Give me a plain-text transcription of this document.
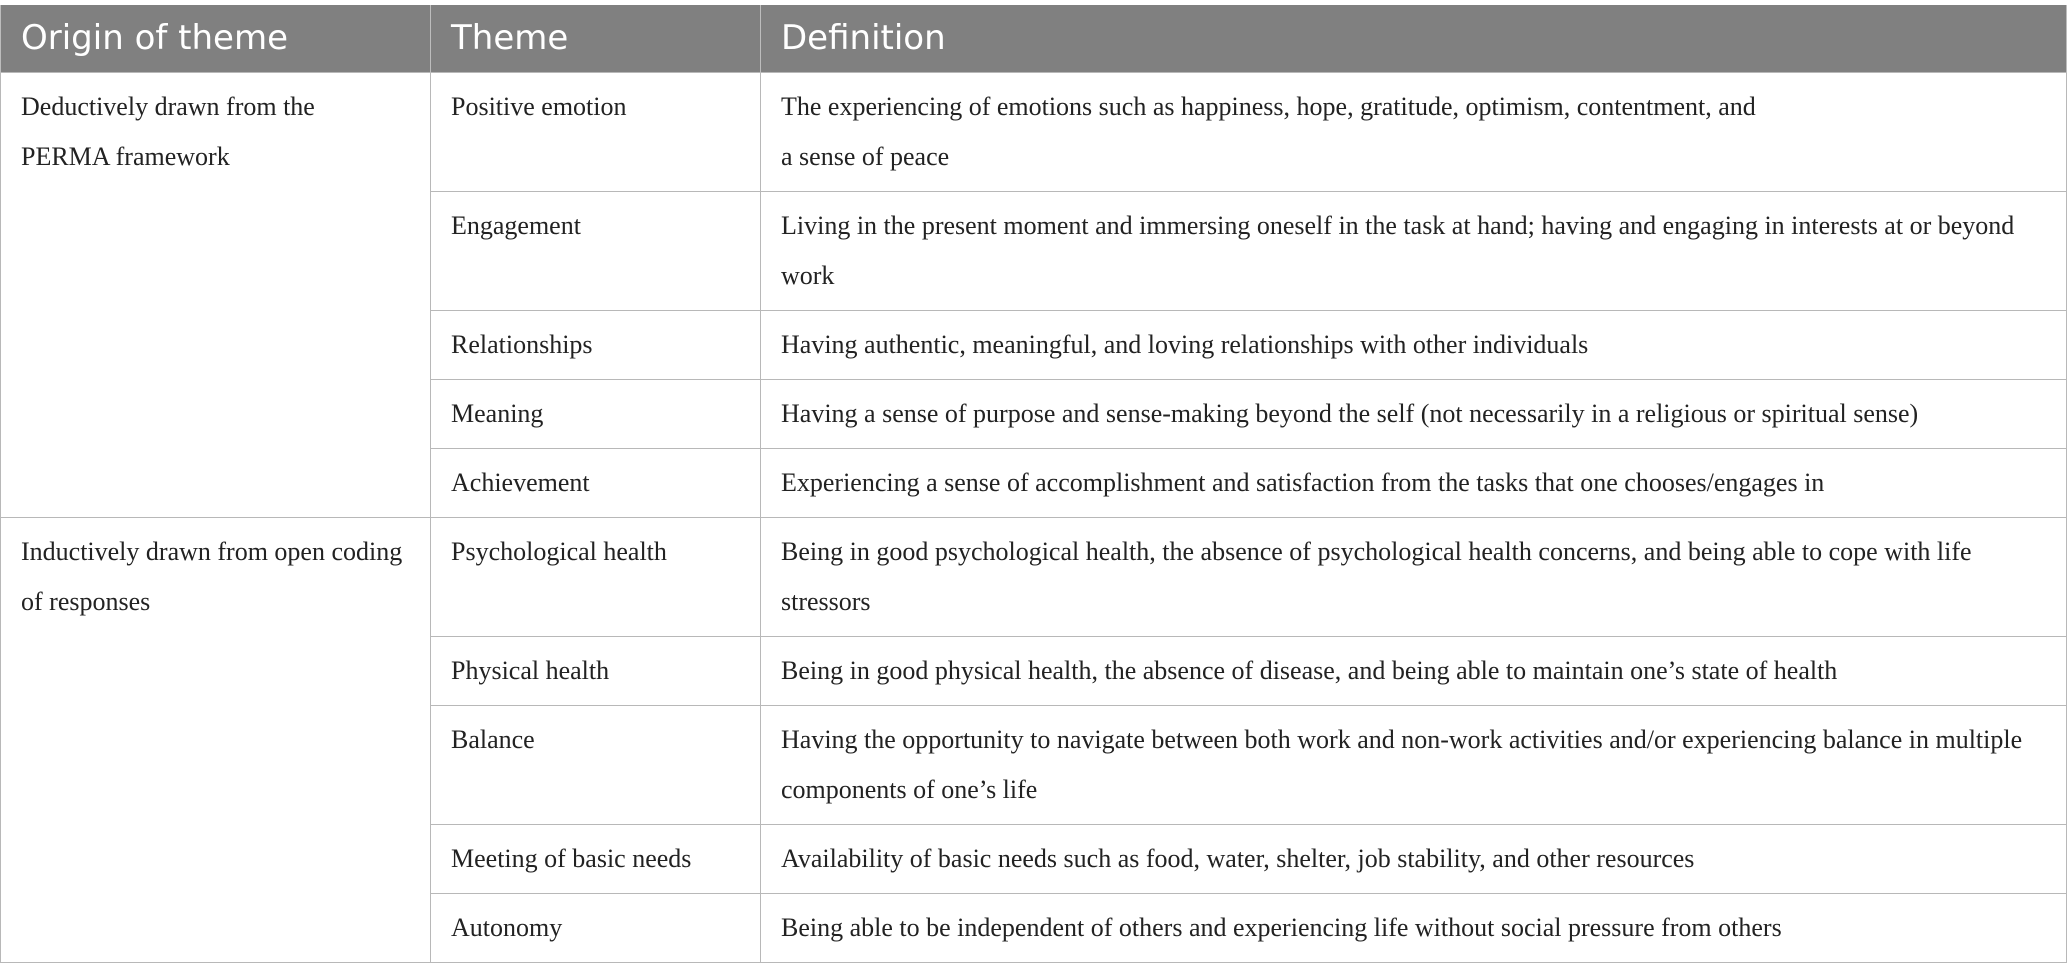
Origin of theme	Theme	Definition
Deductively drawn from the PERMA framework	Positive emotion	The experiencing of emotions such as happiness, hope, gratitude, optimism, contentment, and
a sense of peace
	Engagement	Living in the present moment and immersing oneself in the task at hand; having and engaging in interests at or beyond work
	Relationships	Having authentic, meaningful, and loving relationships with other individuals
	Meaning	Having a sense of purpose and sense-making beyond the self (not necessarily in a religious or spiritual sense)
	Achievement	Experiencing a sense of accomplishment and satisfaction from the tasks that one chooses/engages in
Inductively drawn from open coding of responses	Psychological health	Being in good psychological health, the absence of psychological health concerns, and being able to cope with life stressors
	Physical health	Being in good physical health, the absence of disease, and being able to maintain one’s state of health
	Balance	Having the opportunity to navigate between both work and non-work activities and/or experiencing balance in multiple components of one’s life
	Meeting of basic needs	Availability of basic needs such as food, water, shelter, job stability, and other resources
	Autonomy	Being able to be independent of others and experiencing life without social pressure from others
